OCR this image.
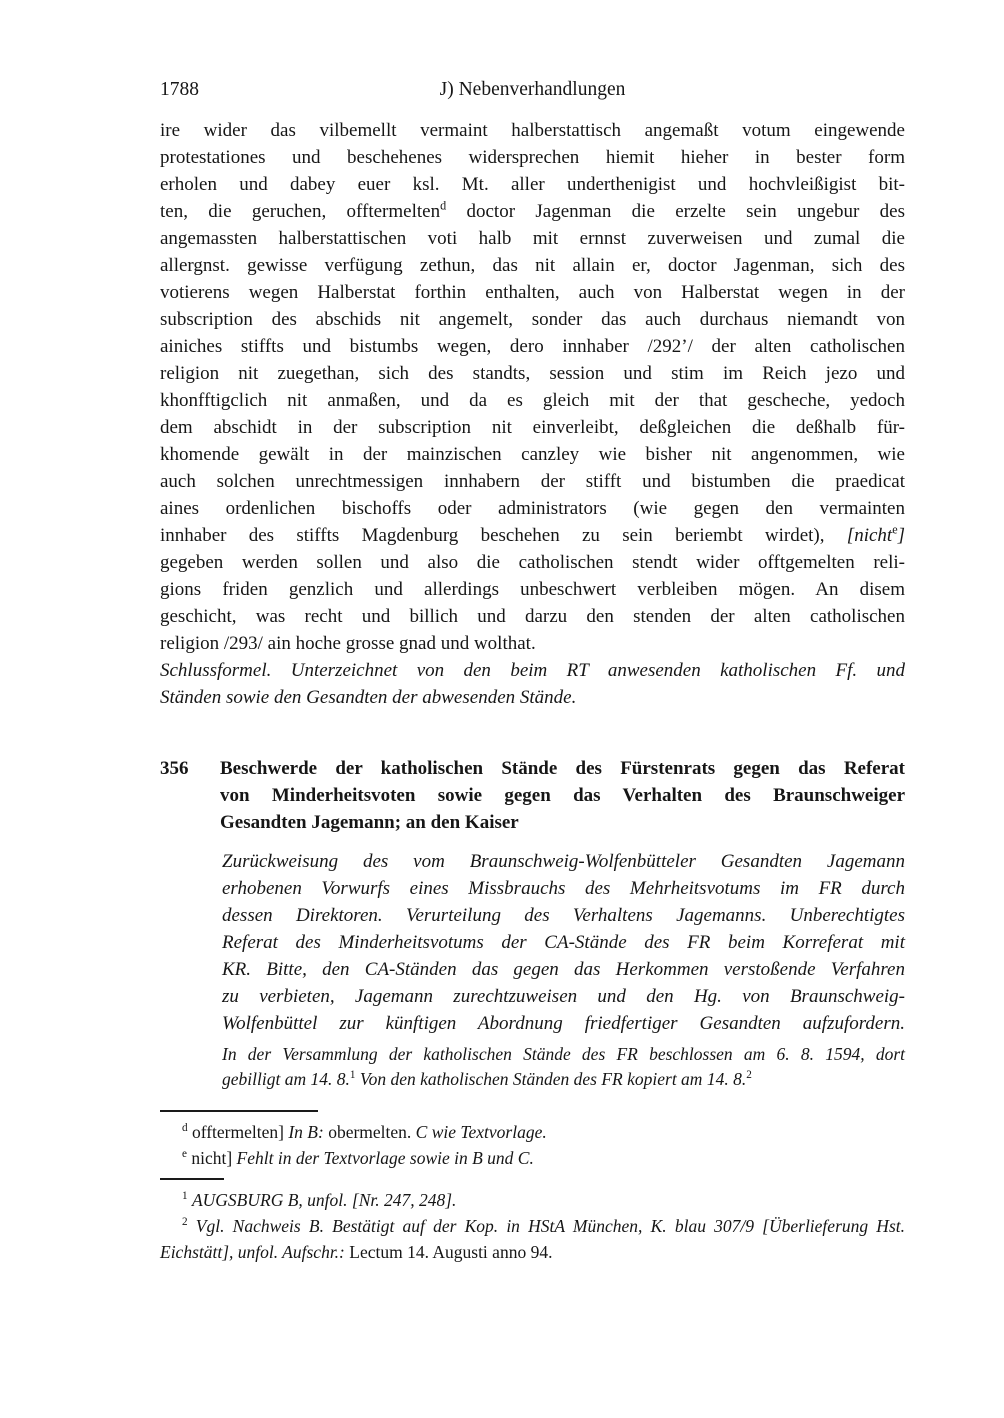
1788	J) Nebenverhandlungen
ire wider das vilbemellt vermaint halberstattisch angemaßt votum eingewende
protestationes und beschehenes widersprechen hiemit hieher in bester form
erholen und dabey euer ksl. Mt. aller underthenigist und hochvleißigist bit-
ten, die geruchen, offtermelten$^d$ doctor Jagenman die erzelte sein ungebur des
angemassten halberstattischen voti halb mit ernnst zuverweisen und zumal die
allergnst. gewisse verfügung zethun, das nit allain er, doctor Jagenman, sich des
votierens wegen Halberstat forthin enthalten, auch von Halberstat wegen in der
subscription des abschids nit angemelt, sonder das auch durchaus niemandt von
ainiches stiffts und bistumbs wegen, dero innhaber /292’/ der alten catholischen
religion nit zuegethan, sich des standts, session und stim im Reich jezo und
khonfftigclich nit anmaßen, und da es gleich mit der that gescheche, yedoch
dem abschidt in der subscription nit einverleibt, deßgleichen die deßhalb für-
khomende gewält in der mainzischen canzley wie bisher nit angenommen, wie
auch solchen unrechtmessigen innhabern der stifft und bistumben die praedicat
aines ordenlichen bischoffs oder administrators (wie gegen den vermainten
innhaber des stiffts Magdenburg beschehen zu sein beriembt wirdet), [nicht$^e$]
gegeben werden sollen und also die catholischen stendt wider offtgemelten reli-
gions friden genzlich und allerdings unbeschwert verbleiben mögen. An disem
geschicht, was recht und billich und darzu den stenden der alten catholischen
religion /293/ ain hoche grosse gnad und wolthat.
Schlussformel. Unterzeichnet von den beim RT anwesenden katholischen Ff. und
Ständen sowie den Gesandten der abwesenden Stände.
356 Beschwerde der katholischen Stände des Fürstenrats gegen das Referat
von Minderheitsvoten sowie gegen das Verhalten des Braunschweiger
Gesandten Jagemann; an den Kaiser
Zurückweisung des vom Braunschweig-Wolfenbütteler Gesandten Jagemann
erhobenen Vorwurfs eines Missbrauchs des Mehrheitsvotums im FR durch
dessen Direktoren. Verurteilung des Verhaltens Jagemanns. Unberechtigtes
Referat des Minderheitsvotums der CA-Stände des FR beim Korreferat mit
KR. Bitte, den CA-Ständen das gegen das Herkommen verstoßende Verfahren
zu verbieten, Jagemann zurechtzuweisen und den Hg. von Braunschweig-
Wolfenbüttel zur künftigen Abordnung friedfertiger Gesandten aufzufordern.
In der Versammlung der katholischen Stände des FR beschlossen am 6. 8. 1594, dort
gebilligt am 14. 8.$^1$ Von den katholischen Ständen des FR kopiert am 14. 8.$^2$

$^d$ offtermelten] In B: obermelten. C wie Textvorlage.

$^e$ nicht] Fehlt in der Textvorlage sowie in B und C.

$^1$ AUGSBURG B, unfol. [Nr. 247, 248].

$^2$ Vgl. Nachweis B. Bestätigt auf der Kop. in HStA München, K. blau 307/9 [Überlieferung Hst. Eichstätt], unfol. Aufschr.: Lectum 14. Augusti anno 94.
